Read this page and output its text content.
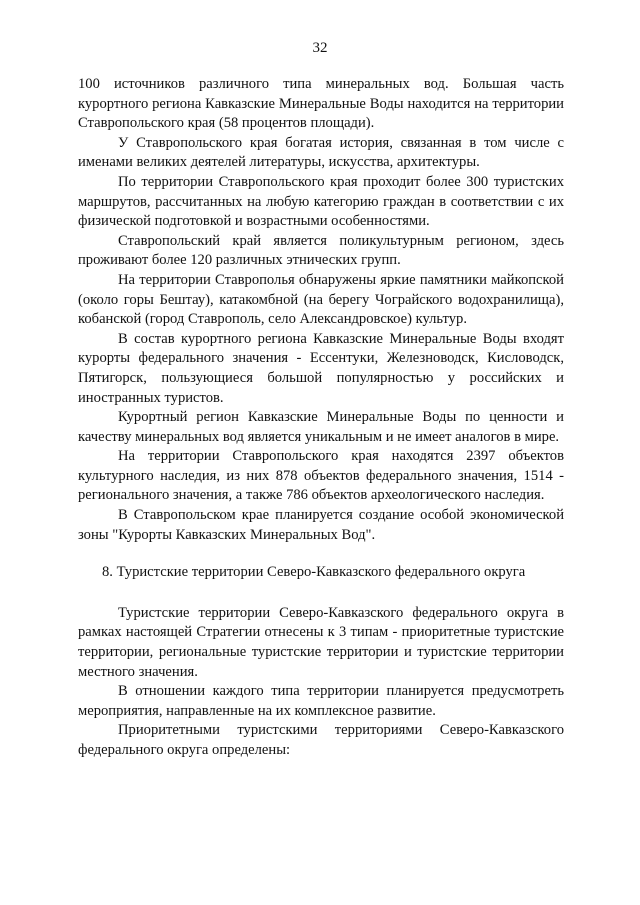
32

100 источников различного типа минеральных вод. Большая часть курортного региона Кавказские Минеральные Воды находится на территории Ставропольского края (58 процентов площади).

У Ставропольского края богатая история, связанная в том числе с именами великих деятелей литературы, искусства, архитектуры.

По территории Ставропольского края проходит более 300 туристских маршрутов, рассчитанных на любую категорию граждан в соответствии с их физической подготовкой и возрастными особенностями.

Ставропольский край является поликультурным регионом, здесь проживают более 120 различных этнических групп.

На территории Ставрополья обнаружены яркие памятники майкопской (около горы Бештау), катакомбной (на берегу Чограйского водохранилища), кобанской (город Ставрополь, село Александровское) культур.

В состав курортного региона Кавказские Минеральные Воды входят курорты федерального значения - Ессентуки, Железноводск, Кисловодск, Пятигорск, пользующиеся большой популярностью у российских и иностранных туристов.

Курортный регион Кавказские Минеральные Воды по ценности и качеству минеральных вод является уникальным и не имеет аналогов в мире.

На территории Ставропольского края находятся 2397 объектов культурного наследия, из них 878 объектов федерального значения, 1514 - регионального значения, а также 786 объектов археологического наследия.

В Ставропольском крае планируется создание особой экономической зоны "Курорты Кавказских Минеральных Вод".

8. Туристские территории Северо-Кавказского федерального округа

Туристские территории Северо-Кавказского федерального округа в рамках настоящей Стратегии отнесены к 3 типам - приоритетные туристские территории, региональные туристские территории и туристские территории местного значения.

В отношении каждого типа территории планируется предусмотреть мероприятия, направленные на их комплексное развитие.

Приоритетными туристскими территориями Северо-Кавказского федерального округа определены:
